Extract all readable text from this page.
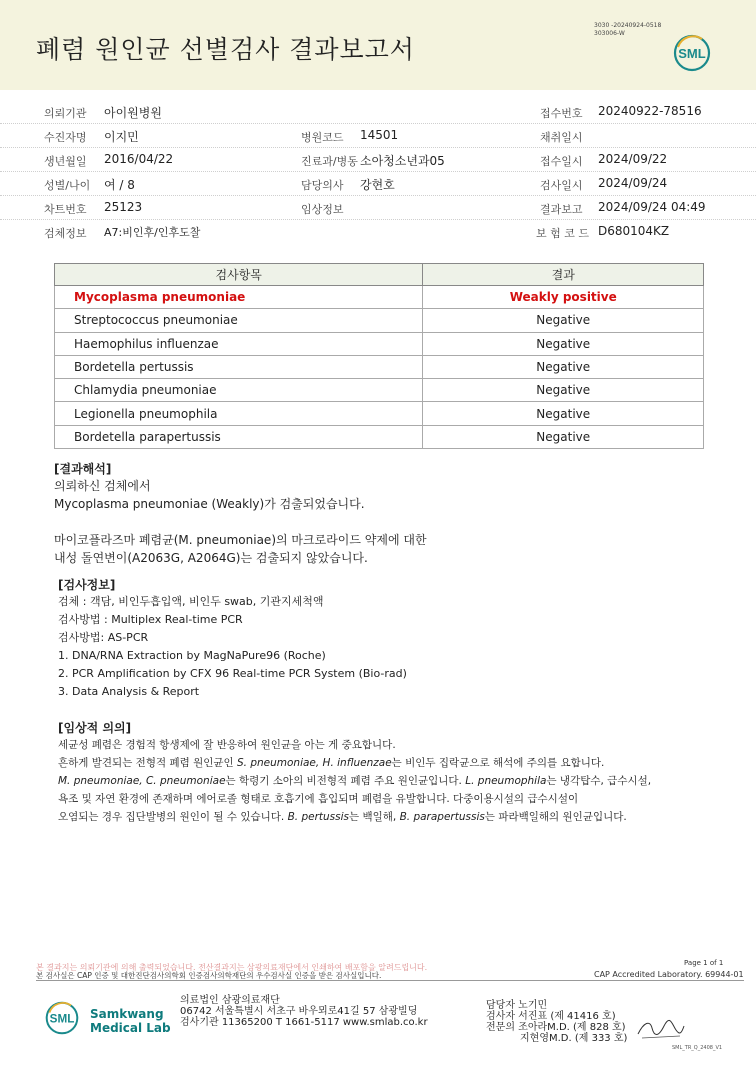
폐렴 원인균 선별검사 결과보고서
3030 -20240924-0518
303006-W
SML
의뢰기관 아이원병원	접수번호 20240922-78516
수진자명 이지민	병원코드 14501	채취일시
생년월일 2016/04/22	진료과/병동 소아청소년과05	접수일시 2024/09/22
성별/나이 여 / 8	담당의사 강현호	검사일시 2024/09/24
차트번호 25123	임상정보	결과보고 2024/09/24 04:49
검체정보 A7:비인후/인후도찰	보 험 코 드 D680104KZ
검사항목	결과
Mycoplasma pneumoniae	Weakly positive
Streptococcus pneumoniae	Negative
Haemophilus influenzae	Negative
Bordetella pertussis	Negative
Chlamydia pneumoniae	Negative
Legionella pneumophila	Negative
Bordetella parapertussis	Negative
[결과해석]
의뢰하신 검체에서
Mycoplasma pneumoniae (Weakly)가 검출되었습니다.
마이코플라즈마 폐렴균(M. pneumoniae)의 마크로라이드 약제에 대한
내성 돌연변이(A2063G, A2064G)는 검출되지 않았습니다.
[검사정보]
검체 : 객담, 비인두흡입액, 비인두 swab, 기관지세척액
검사방법 : Multiplex Real-time PCR
검사방법: AS-PCR
1. DNA/RNA Extraction by MagNaPure96 (Roche)
2. PCR Amplification by CFX 96 Real-time PCR System (Bio-rad)
3. Data Analysis & Report
[임상적 의의]
세균성 폐렴은 경험적 항생제에 잘 반응하여 원인균을 아는 게 중요합니다.
흔하게 발견되는 전형적 폐렴 원인균인 S. pneumoniae, H. influenzae는 비인두 집락균으로 해석에 주의를 요합니다.
M. pneumoniae, C. pneumoniae는 학령기 소아의 비전형적 폐렴 주요 원인균입니다. L. pneumophila는 냉각탑수, 급수시설,
욕조 및 자연 환경에 존재하며 에어로졸 형태로 호흡기에 흡입되며 폐렴을 유발합니다. 다중이용시설의 급수시설이
오염되는 경우 집단발병의 원인이 될 수 있습니다. B. pertussis는 백일해, B. parapertussis는 파라백일해의 원인균입니다.
본 결과지는 의뢰기관에 의해 출력되었습니다. 전산결과지는 삼광의료재단에서 인쇄하여 배포함을 알려드립니다.
본 검사실은 CAP 인증 및 대한진단검사의학회 인증검사의학재단의 우수검사실 인증을 받은 검사실입니다.
Page 1 of 1
CAP Accredited Laboratory. 69944-01
SML Samkwang
Medical Lab
의료법인 삼광의료재단
06742 서울특별시 서초구 바우뫼로41길 57 삼광빌딩
검사기관 11365200 T 1661-5117 www.smlab.co.kr
담당자 노기민
검사자 서진표 (제 41416 호)
전문의 조아라M.D. (제 828 호)
지현영M.D. (제 333 호)
SML_TR_Q_2408_V1
